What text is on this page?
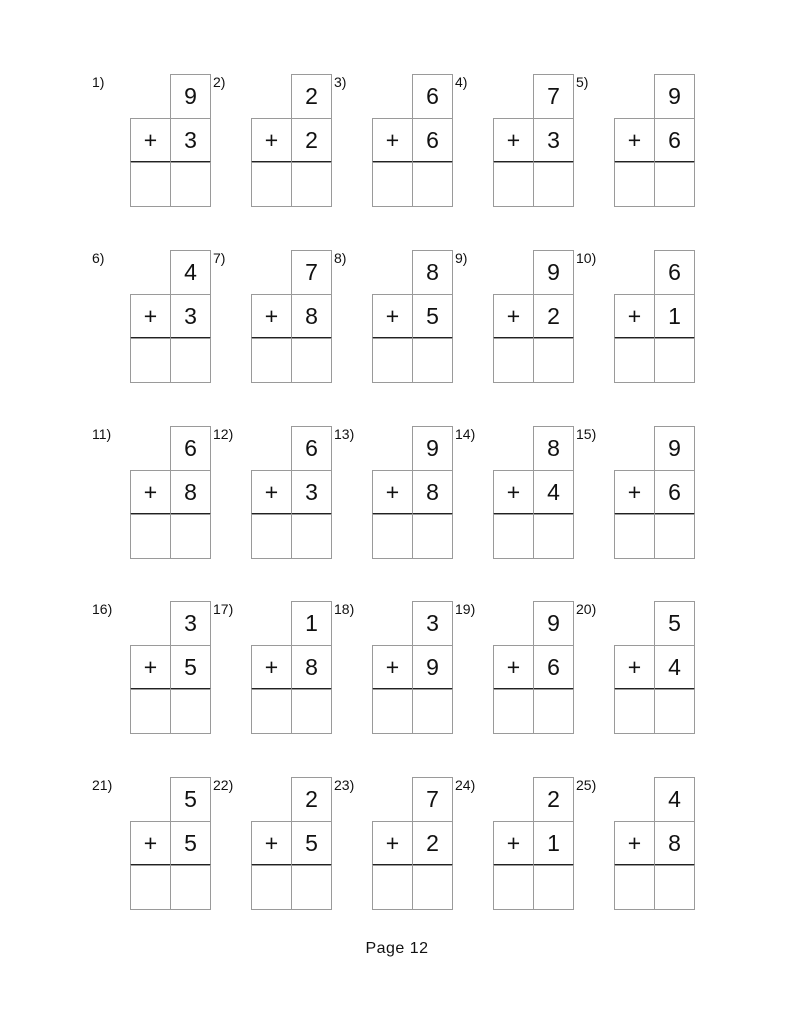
1)
9
+	3
2)
2
+	2
3)
6
+	6
4)
7
+	3
5)
9
+	6
6)
4
+	3
7)
7
+	8
8)
8
+	5
9)
9
+	2
10)
6
+	1
11)
6
+	8
12)
6
+	3
13)
9
+	8
14)
8
+	4
15)
9
+	6
16)
3
+	5
17)
1
+	8
18)
3
+	9
19)
9
+	6
20)
5
+	4
21)
5
+	5
22)
2
+	5
23)
7
+	2
24)
2
+	1
25)
4
+	8
Page 12
